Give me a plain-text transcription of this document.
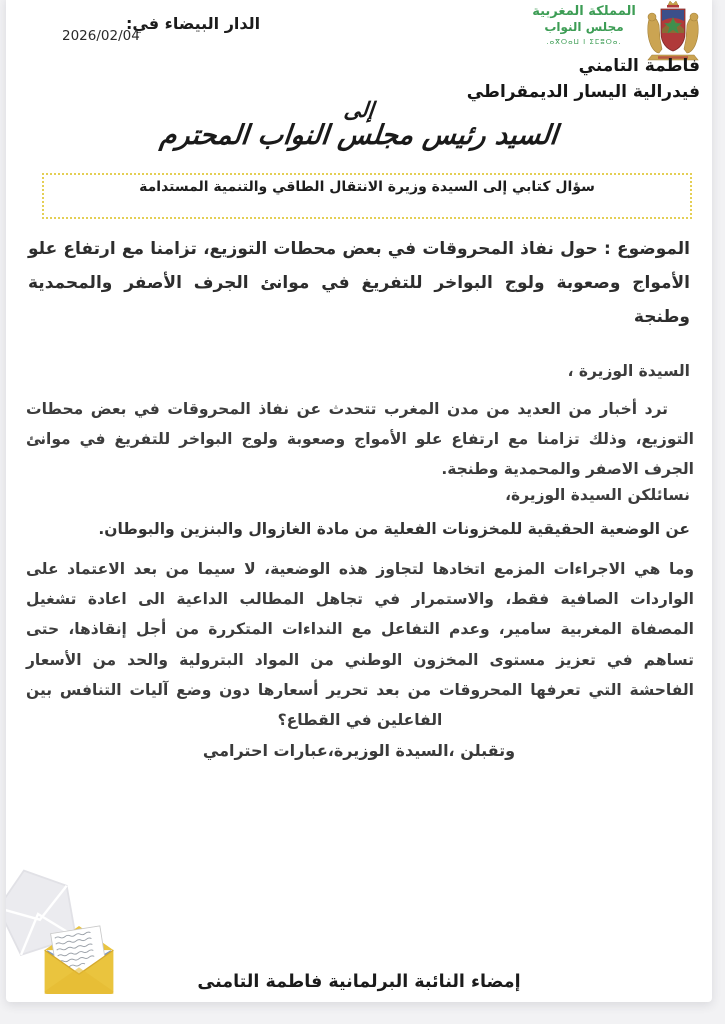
الدار البيضاء في:
2026/02/04
المملكة المغربية
مجلس النواب
.ⴰⴳⵔⴰⵡ ⵏ ⵉⵎⵓⵔⴰ.
فاطمة التامني
فيدرالية اليسار الديمقراطي
إلى
السيد رئيس مجلس النواب المحترم
سؤال كتابي إلى السيدة وزيرة الانتقال الطاقي والتنمية المستدامة
الموضوع : حول نفاذ المحروقات في بعض محطات التوزيع، تزامنا مع ارتفاع علو الأمواج وصعوبة ولوج البواخر للتفريغ في موانئ الجرف الأصفر والمحمدية وطنجة
السيدة الوزيرة ،
ترد أخبار من العديد من مدن المغرب تتحدث عن نفاذ المحروقات في بعض محطات التوزيع، وذلك تزامنا مع ارتفاع علو الأمواج وصعوبة ولوج البواخر للتفريغ في موانئ الجرف الاصفر والمحمدية وطنجة.
نسائلكن السيدة الوزيرة،
عن الوضعية الحقيقية للمخزونات الفعلية من مادة الغازوال والبنزين والبوطان.
وما هي الاجراءات المزمع اتخادها لتجاوز هذه الوضعية، لا سيما من بعد الاعتماد على الواردات الصافية فقط، والاستمرار في تجاهل المطالب الداعية الى اعادة تشغيل المصفاة المغربية سامير، وعدم التفاعل مع النداءات المتكررة من أجل إنقاذها، حتى تساهم في تعزيز مستوى المخزون الوطني من المواد البترولية والحد من الأسعار الفاحشة التي تعرفها المحروقات من بعد تحرير أسعارها دون وضع آليات التنافس بين الفاعلين في القطاع؟
وتقبلن ،السيدة الوزيرة،عبارات احترامي
إمضاء النائبة البرلمانية فاطمة التامنى
